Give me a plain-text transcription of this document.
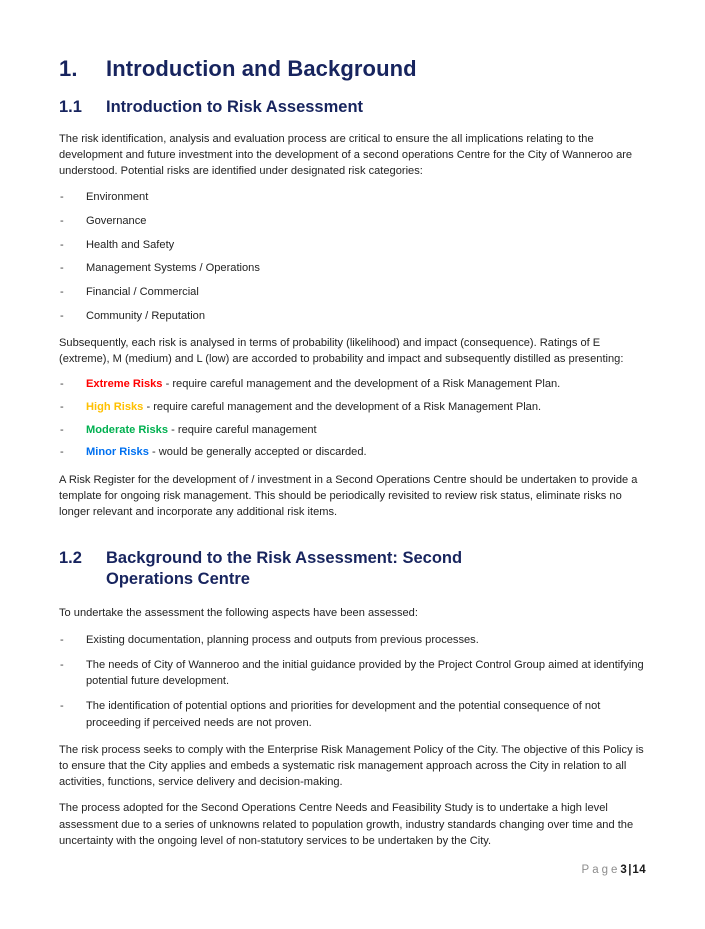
1.	Introduction and Background
1.1	Introduction to Risk Assessment

The risk identification, analysis and evaluation process are critical to ensure the all implications relating to the development and future investment into the development of a second operations Centre for the City of Wanneroo are understood. Potential risks are identified under designated risk categories:

- Environment
- Governance
- Health and Safety
- Management Systems / Operations
- Financial / Commercial
- Community / Reputation

Subsequently, each risk is analysed in terms of probability (likelihood) and impact (consequence). Ratings of E (extreme), M (medium) and L (low) are accorded to probability and impact and subsequently distilled as presenting:

- Extreme Risks - require careful management and the development of a Risk Management Plan.
- High Risks - require careful management and the development of a Risk Management Plan.
- Moderate Risks - require careful management
- Minor Risks - would be generally accepted or discarded.

A Risk Register for the development of / investment in a Second Operations Centre should be undertaken to provide a template for ongoing risk management. This should be periodically revisited to review risk status, eliminate risks no longer relevant and incorporate any additional risk items.

1.2	Background to the Risk Assessment: Second Operations Centre

To undertake the assessment the following aspects have been assessed:

- Existing documentation, planning process and outputs from previous processes.
- The needs of City of Wanneroo and the initial guidance provided by the Project Control Group aimed at identifying potential future development.
- The identification of potential options and priorities for development and the potential consequence of not proceeding if perceived needs are not proven.

The risk process seeks to comply with the Enterprise Risk Management Policy of the City. The objective of this Policy is to ensure that the City applies and embeds a systematic risk management approach across the City in relation to all activities, functions, service delivery and decision-making.

The process adopted for the Second Operations Centre Needs and Feasibility Study is to undertake a high level assessment due to a series of unknowns related to population growth, industry standards changing over time and the uncertainty with the ongoing level of non-statutory services to be undertaken by the City.

Page3|14
